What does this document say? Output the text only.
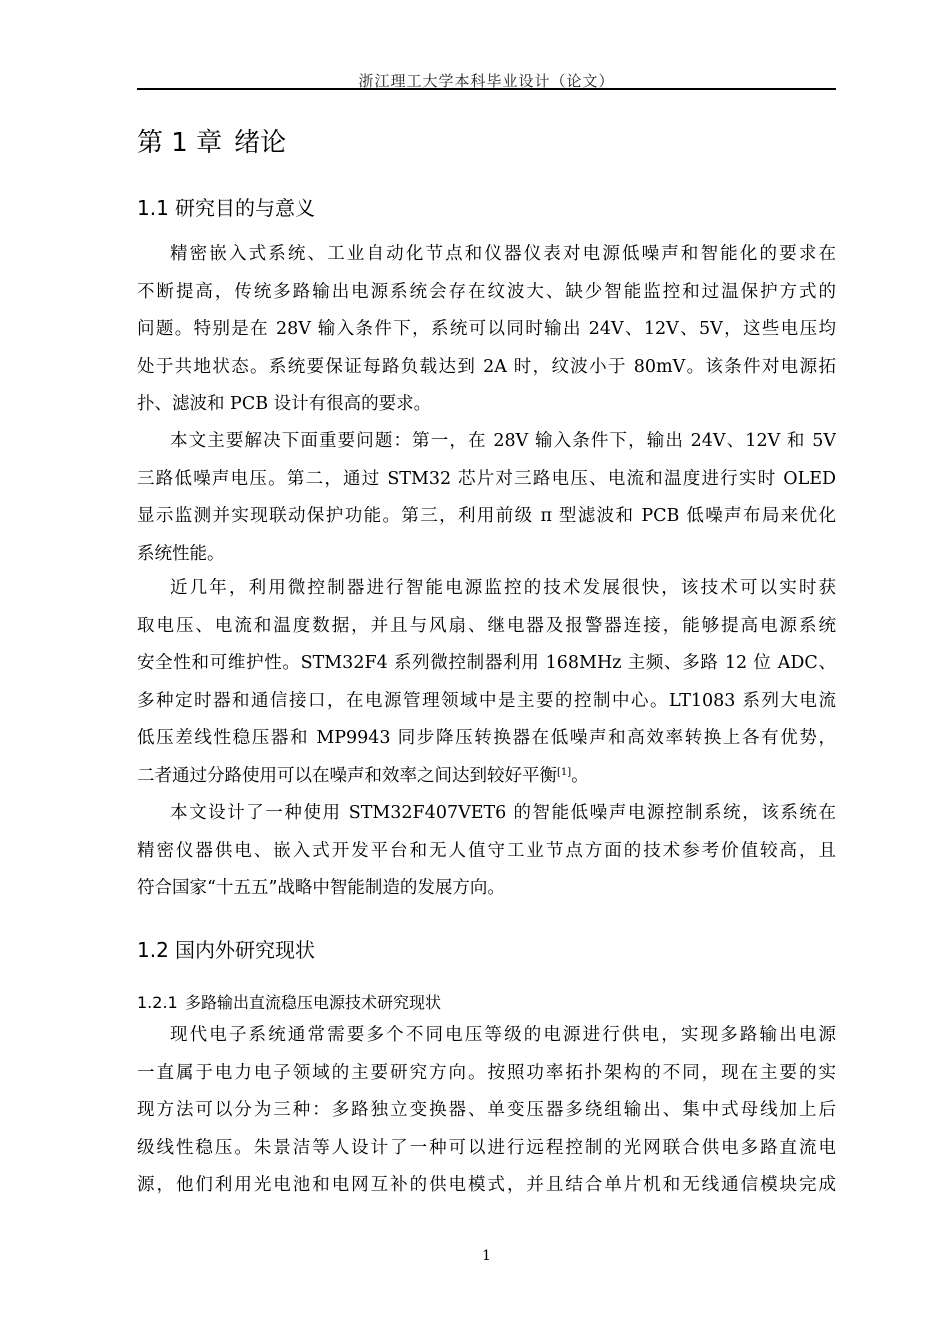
浙江理工大学本科毕业设计（论文）
第 1 章 绪论
1.1 研究目的与意义
精密嵌入式系统、工业自动化节点和仪器仪表对电源低噪声和智能化的要求在
不断提高，传统多路输出电源系统会存在纹波大、缺少智能监控和过温保护方式的
问题。特别是在 28V 输入条件下，系统可以同时输出 24V、12V、5V，这些电压均
处于共地状态。系统要保证每路负载达到 2A 时，纹波小于 80mV。该条件对电源拓
扑、滤波和 PCB 设计有很高的要求。
本文主要解决下面重要问题：第一，在 28V 输入条件下，输出 24V、12V 和 5V
三路低噪声电压。第二，通过 STM32 芯片对三路电压、电流和温度进行实时 OLED
显示监测并实现联动保护功能。第三，利用前级 π 型滤波和 PCB 低噪声布局来优化
系统性能。
近几年，利用微控制器进行智能电源监控的技术发展很快，该技术可以实时获
取电压、电流和温度数据，并且与风扇、继电器及报警器连接，能够提高电源系统
安全性和可维护性。STM32F4 系列微控制器利用 168MHz 主频、多路 12 位 ADC、
多种定时器和通信接口，在电源管理领域中是主要的控制中心。LT1083 系列大电流
低压差线性稳压器和 MP9943 同步降压转换器在低噪声和高效率转换上各有优势，
二者通过分路使用可以在噪声和效率之间达到较好平衡[1]。
本文设计了一种使用 STM32F407VET6 的智能低噪声电源控制系统，该系统在
精密仪器供电、嵌入式开发平台和无人值守工业节点方面的技术参考价值较高，且
符合国家“十五五”战略中智能制造的发展方向。
1.2 国内外研究现状
1.2.1 多路输出直流稳压电源技术研究现状
现代电子系统通常需要多个不同电压等级的电源进行供电，实现多路输出电源
一直属于电力电子领域的主要研究方向。按照功率拓扑架构的不同，现在主要的实
现方法可以分为三种：多路独立变换器、单变压器多绕组输出、集中式母线加上后
级线性稳压。朱景洁等人设计了一种可以进行远程控制的光网联合供电多路直流电
源，他们利用光电池和电网互补的供电模式，并且结合单片机和无线通信模块完成
1
